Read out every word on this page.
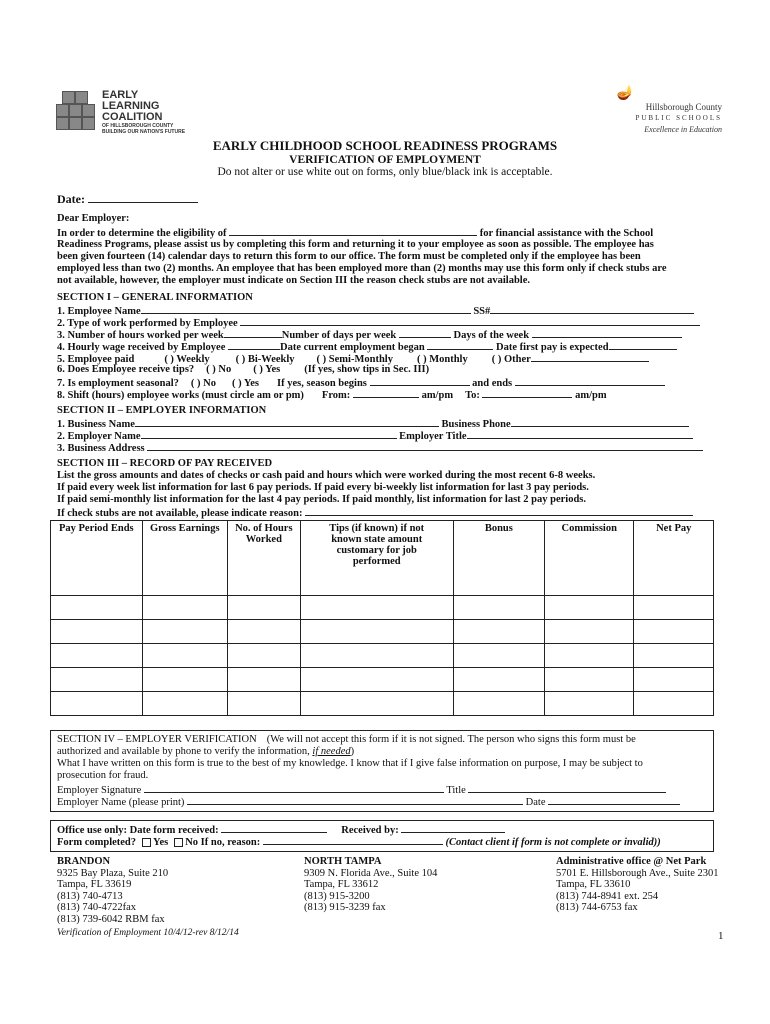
EARLY
LEARNING
COALITION
OF HILLSBOROUGH COUNTY
BUILDING OUR NATION'S FUTURE
🪔
Hillsborough County
PUBLIC SCHOOLS
Excellence in Education
EARLY CHILDHOOD SCHOOL READINESS PROGRAMS
VERIFICATION OF EMPLOYMENT
Do not alter or use white out on forms, only blue/black ink is acceptable.
Date:
Dear Employer:
In order to determine the eligibility of	for financial assistance with the School
Readiness Programs, please assist us by completing this form and returning it to your employee as soon as possible. The employee has
been given fourteen (14) calendar days to return this form to our office. The form must be completed only if the employee has been
employed less than two (2) months. An employee that has been employed more than (2) months may use this form only if check stubs are
not available, however, the employer must indicate on Section III the reason check stubs are not available.
SECTION I – GENERAL INFORMATION
1. Employee Name	SS#
2. Type of work performed by Employee
3. Number of hours worked per week	Number of days per week	Days of the week
4. Hourly wage received by Employee	Date current employment began	Date first pay is expected
5. Employee paid	( ) Weekly ( ) Bi-Weekly ( ) Semi-Monthly ( ) Monthly ( ) Other
6. Does Employee receive tips? ( ) No ( ) Yes (If yes, show tips in Sec. III)
7. Is employment seasonal? ( ) No ( ) Yes If yes, season begins	and ends
8. Shift (hours) employee works (must circle am or pm) From:	am/pm To:	am/pm
SECTION II – EMPLOYER INFORMATION
1. Business Name	Business Phone
2. Employer Name	Employer Title
3. Business Address
SECTION III – RECORD OF PAY RECEIVED
List the gross amounts and dates of checks or cash paid and hours which were worked during the most recent 6-8 weeks.
If paid every week list information for last 6 pay periods. If paid every bi-weekly list information for last 3 pay periods.
If paid semi-monthly list information for the last 4 pay periods. If paid monthly, list information for last 2 pay periods.
If check stubs are not available, please indicate reason:
Pay Period Ends	Gross Earnings	No. of Hours Worked	Tips (if known) if not known state amount customary for job performed	Bonus	Commission	Net Pay

SECTION IV – EMPLOYER VERIFICATION (We will not accept this form if it is not signed. The person who signs this form must be
authorized and available by phone to verify the information, if needed)
What I have written on this form is true to the best of my knowledge. I know that if I give false information on purpose, I may be subject to
prosecution for fraud.
Employer Signature	Title
Employer Name (please print)	Date
Office use only: Date form received:	Received by:
Form completed? Yes No If no, reason:	(Contact client if form is not complete or invalid))
BRANDON
9325 Bay Plaza, Suite 210
Tampa, FL 33619
(813) 740-4713
(813) 740-4722fax
(813) 739-6042 RBM fax
NORTH TAMPA
9309 N. Florida Ave., Suite 104
Tampa, FL 33612
(813) 915-3200
(813) 915-3239 fax
Administrative office @ Net Park
5701 E. Hillsborough Ave., Suite 2301
Tampa, FL 33610
(813) 744-8941 ext. 254
(813) 744-6753 fax
Verification of Employment 10/4/12-rev 8/12/14	1
